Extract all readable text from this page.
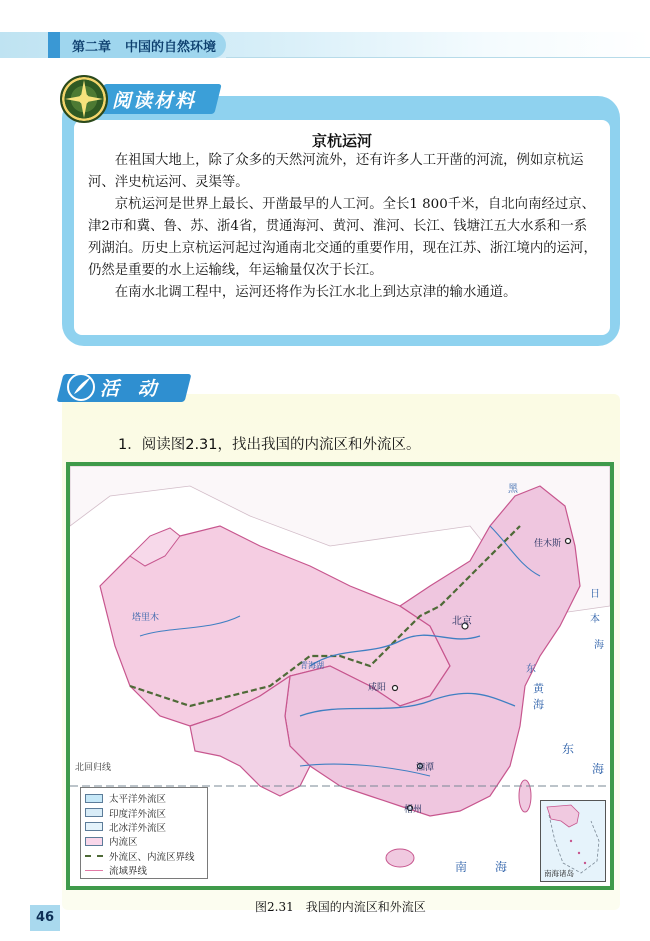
第二章 中国的自然环境
阅读材料
京杭运河

在祖国大地上，除了众多的天然河流外，还有许多人工开凿的河流，例如京杭运河、泮史杭运河、灵渠等。

京杭运河是世界上最长、开凿最早的人工河。全长1 800千米，自北向南经过京、津2市和冀、鲁、苏、浙4省，贯通海河、黄河、淮河、长江、钱塘江五大水系和一系列湖泊。历史上京杭运河起过沟通南北交通的重要作用，现在江苏、浙江境内的运河，仍然是重要的水上运输线，年运输量仅次于长江。

在南水北调工程中，运河还将作为长江水北上到达京津的输水通道。

活 动
1．阅读图2.31，找出我国的内流区和外流区。
北京
咸阳
佳木斯
湘潭
梧州
塔里木
北回归线
黄
海
东
海
南 海
日
本
海
黑
东
青海湖
太平洋外流区
印度洋外流区
北冰洋外流区
内流区
外流区、内流区界线
流域界线	南海诸岛
图2.31　我国的内流区和外流区
46
